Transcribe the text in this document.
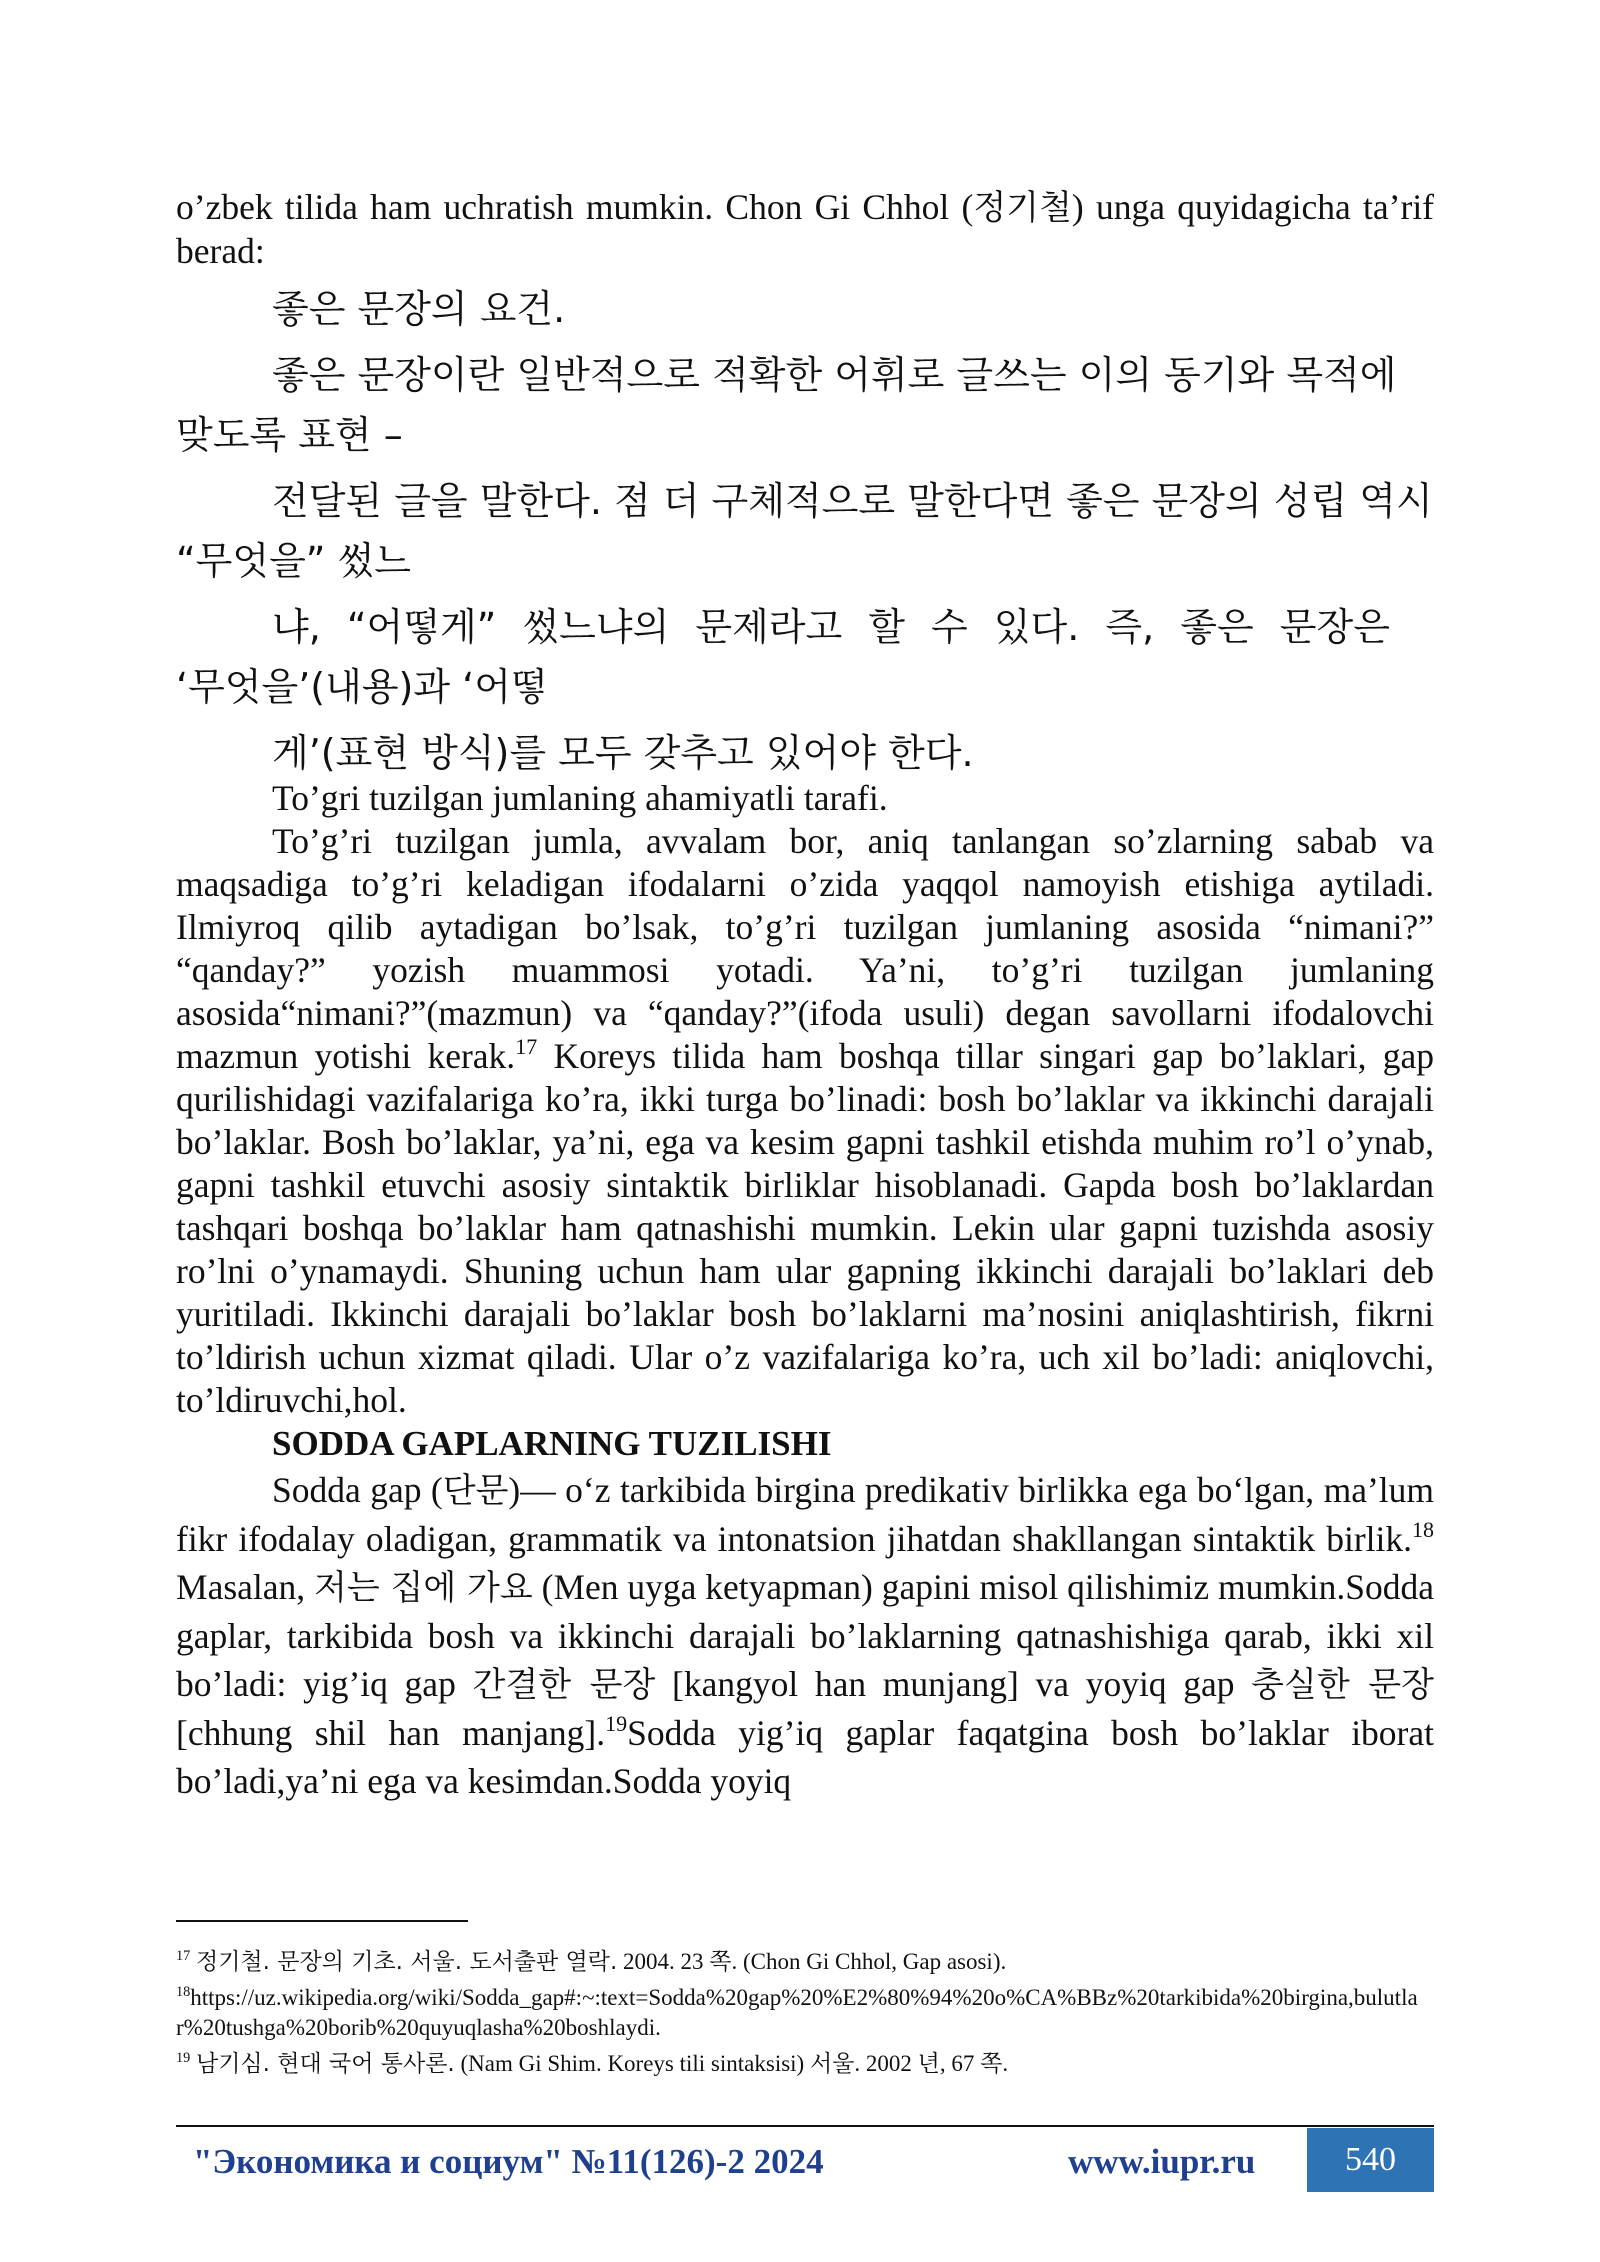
o’zbek tilida ham uchratish mumkin. Chon Gi Chhol (정기철) unga quyidagicha ta’rif berad:

좋은 문장의 요건.

좋은 문장이란 일반적으로 적확한 어휘로 글쓰는 이의 동기와 목적에

맞도록 표현 –

전달된 글을 말한다. 점 더 구체적으로 말한다면 좋은 문장의 성립 역시

“무엇을” 썼느

냐, “어떻게” 썼느냐의 문제라고 할 수 있다. 즉, 좋은 문장은

‘무엇을’(내용)과 ‘어떻

게’(표현 방식)를 모두 갖추고 있어야 한다.

To’gri tuzilgan jumlaning ahamiyatli tarafi.

To’g’ri tuzilgan jumla, avvalam bor, aniq tanlangan so’zlarning sabab va maqsadiga to’g’ri keladigan ifodalarni o’zida yaqqol namoyish etishiga aytiladi. Ilmiyroq qilib aytadigan bo’lsak, to’g’ri tuzilgan jumlaning asosida “nimani?” “qanday?” yozish muammosi yotadi. Ya’ni, to’g’ri tuzilgan jumlaning asosida“nimani?”(mazmun) va “qanday?”(ifoda usuli) degan savollarni ifodalovchi mazmun yotishi kerak.$^{17}$ Koreys tilida ham boshqa tillar singari gap bo’laklari, gap qurilishidagi vazifalariga ko’ra, ikki turga bo’linadi: bosh bo’laklar va ikkinchi darajali bo’laklar. Bosh bo’laklar, ya’ni, ega va kesim gapni tashkil etishda muhim ro’l o’ynab, gapni tashkil etuvchi asosiy sintaktik birliklar hisoblanadi. Gapda bosh bo’laklardan tashqari boshqa bo’laklar ham qatnashishi mumkin. Lekin ular gapni tuzishda asosiy ro’lni o’ynamaydi. Shuning uchun ham ular gapning ikkinchi darajali bo’laklari deb yuritiladi. Ikkinchi darajali bo’laklar bosh bo’laklarni ma’nosini aniqlashtirish, fikrni to’ldirish uchun xizmat qiladi. Ular o’z vazifalariga ko’ra, uch xil bo’ladi: aniqlovchi, to’ldiruvchi,hol.

SODDA GAPLARNING TUZILISHI

Sodda gap (단문)— o‘z tarkibida birgina predikativ birlikka ega bo‘lgan, ma’lum fikr ifodalay oladigan, grammatik va intonatsion jihatdan shakllangan sintaktik birlik.$^{18}$ Masalan, 저는 집에 가요 (Men uyga ketyapman) gapini misol qilishimiz mumkin.Sodda gaplar, tarkibida bosh va ikkinchi darajali bo’laklarning qatnashishiga qarab, ikki xil bo’ladi: yig’iq gap 간결한 문장 [kangyol han munjang] va yoyiq gap 충실한 문장 [chhung shil han manjang].$^{19}$Sodda yig’iq gaplar faqatgina bosh bo’laklar iborat bo’ladi,ya’ni ega va kesimdan.Sodda yoyiq

$^{17}$ 정기철. 문장의 기초. 서울. 도서출판 열락. 2004. 23 쪽. (Chon Gi Chhol, Gap asosi).

$^{18}$https://uz.wikipedia.org/wiki/Sodda_gap#:~:text=Sodda%20gap%20%E2%80%94%20o%CA%BBz%20tarkibida%20birgina,bulutlar%20tushga%20borib%20quyuqlasha%20boshlaydi.

$^{19}$ 남기심. 현대 국어 통사론. (Nam Gi Shim. Koreys tili sintaksisi) 서울. 2002 년, 67 쪽.

"Экономика и социум" №11(126)-2 2024	www.iupr.ru	540
